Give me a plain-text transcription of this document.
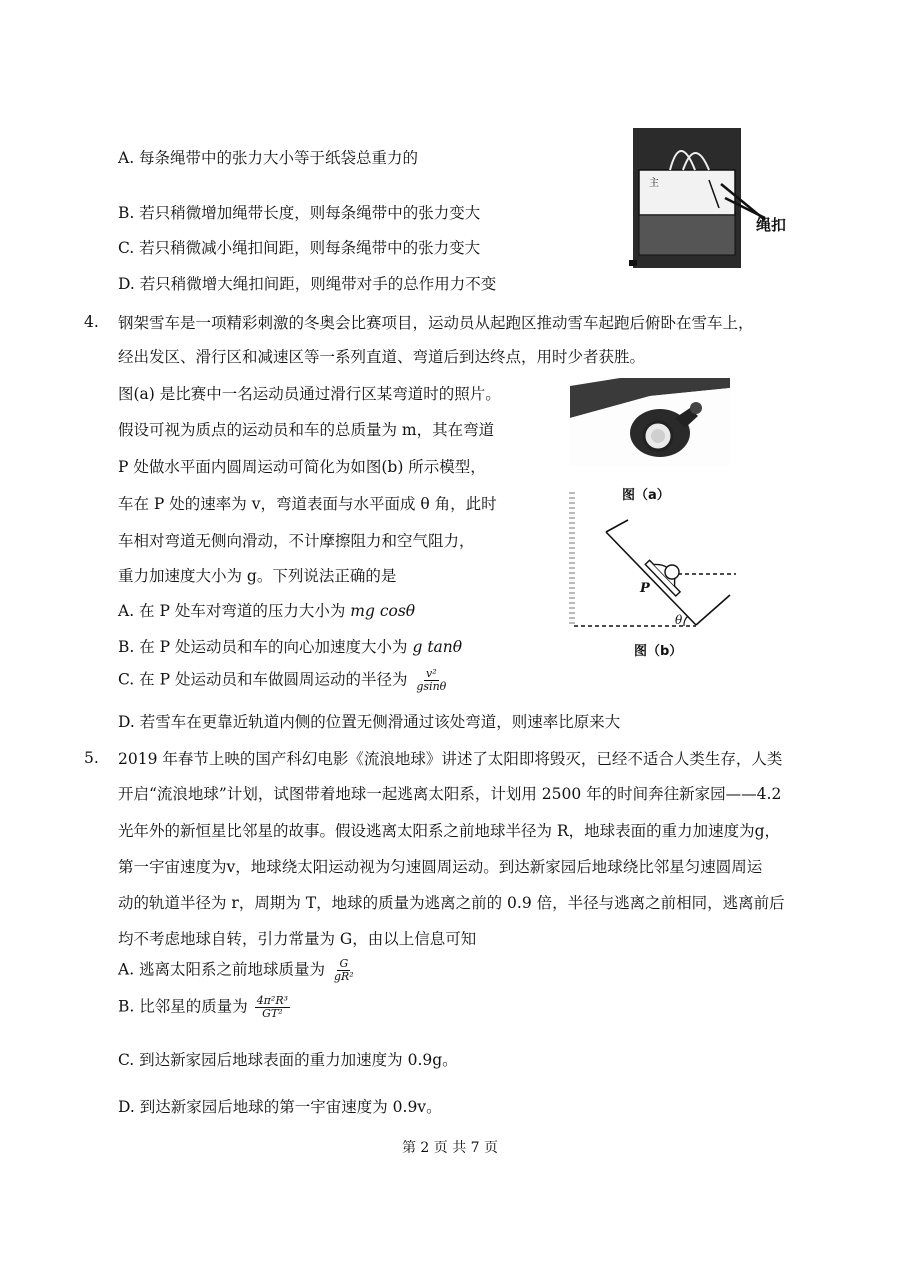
A. 每条绳带中的张力大小等于纸袋总重力的
B. 若只稍微增加绳带长度，则每条绳带中的张力变大
C. 若只稍微减小绳扣间距，则每条绳带中的张力变大
D. 若只稍微增大绳扣间距，则绳带对手的总作用力不变
主
绳扣
4. 钢架雪车是一项精彩刺激的冬奥会比赛项目，运动员从起跑区推动雪车起跑后俯卧在雪车上，
经出发区、滑行区和减速区等一系列直道、弯道后到达终点，用时少者获胜。
图(a) 是比赛中一名运动员通过滑行区某弯道时的照片。
假设可视为质点的运动员和车的总质量为 m，其在弯道
P 处做水平面内圆周运动可简化为如图(b) 所示模型，
车在 P 处的速率为 v，弯道表面与水平面成 θ 角，此时
车相对弯道无侧向滑动，不计摩擦阻力和空气阻力，
重力加速度大小为 g。下列说法正确的是
A. 在 P 处车对弯道的压力大小为 mg cosθ
B. 在 P 处运动员和车的向心加速度大小为 g tanθ
C. 在 P 处运动员和车做圆周运动的半径为 $\frac{\text{v²}}{gsin\theta}$
D. 若雪车在更靠近轨道内侧的位置无侧滑通过该处弯道，则速率比原来大
图（a）
P
θ
图（b）
5. 2019 年春节上映的国产科幻电影《流浪地球》讲述了太阳即将毁灭，已经不适合人类生存，人类
开启“流浪地球”计划，试图带着地球一起逃离太阳系，计划用 2500 年的时间奔往新家园——4.2
光年外的新恒星比邻星的故事。假设逃离太阳系之前地球半径为 R，地球表面的重力加速度为g，
第一宇宙速度为v，地球绕太阳运动视为匀速圆周运动。到达新家园后地球绕比邻星匀速圆周运
动的轨道半径为 r，周期为 T，地球的质量为逃离之前的 0.9 倍，半径与逃离之前相同，逃离前后
均不考虑地球自转，引力常量为 G，由以上信息可知
A. 逃离太阳系之前地球质量为 $\frac{G}{\text{gR²}}$
B. 比邻星的质量为 $\frac{\text{4π²R³}}{\text{GT²}}$
C. 到达新家园后地球表面的重力加速度为 0.9g。
D. 到达新家园后地球的第一宇宙速度为 0.9v。
第 2 页 共 7 页
